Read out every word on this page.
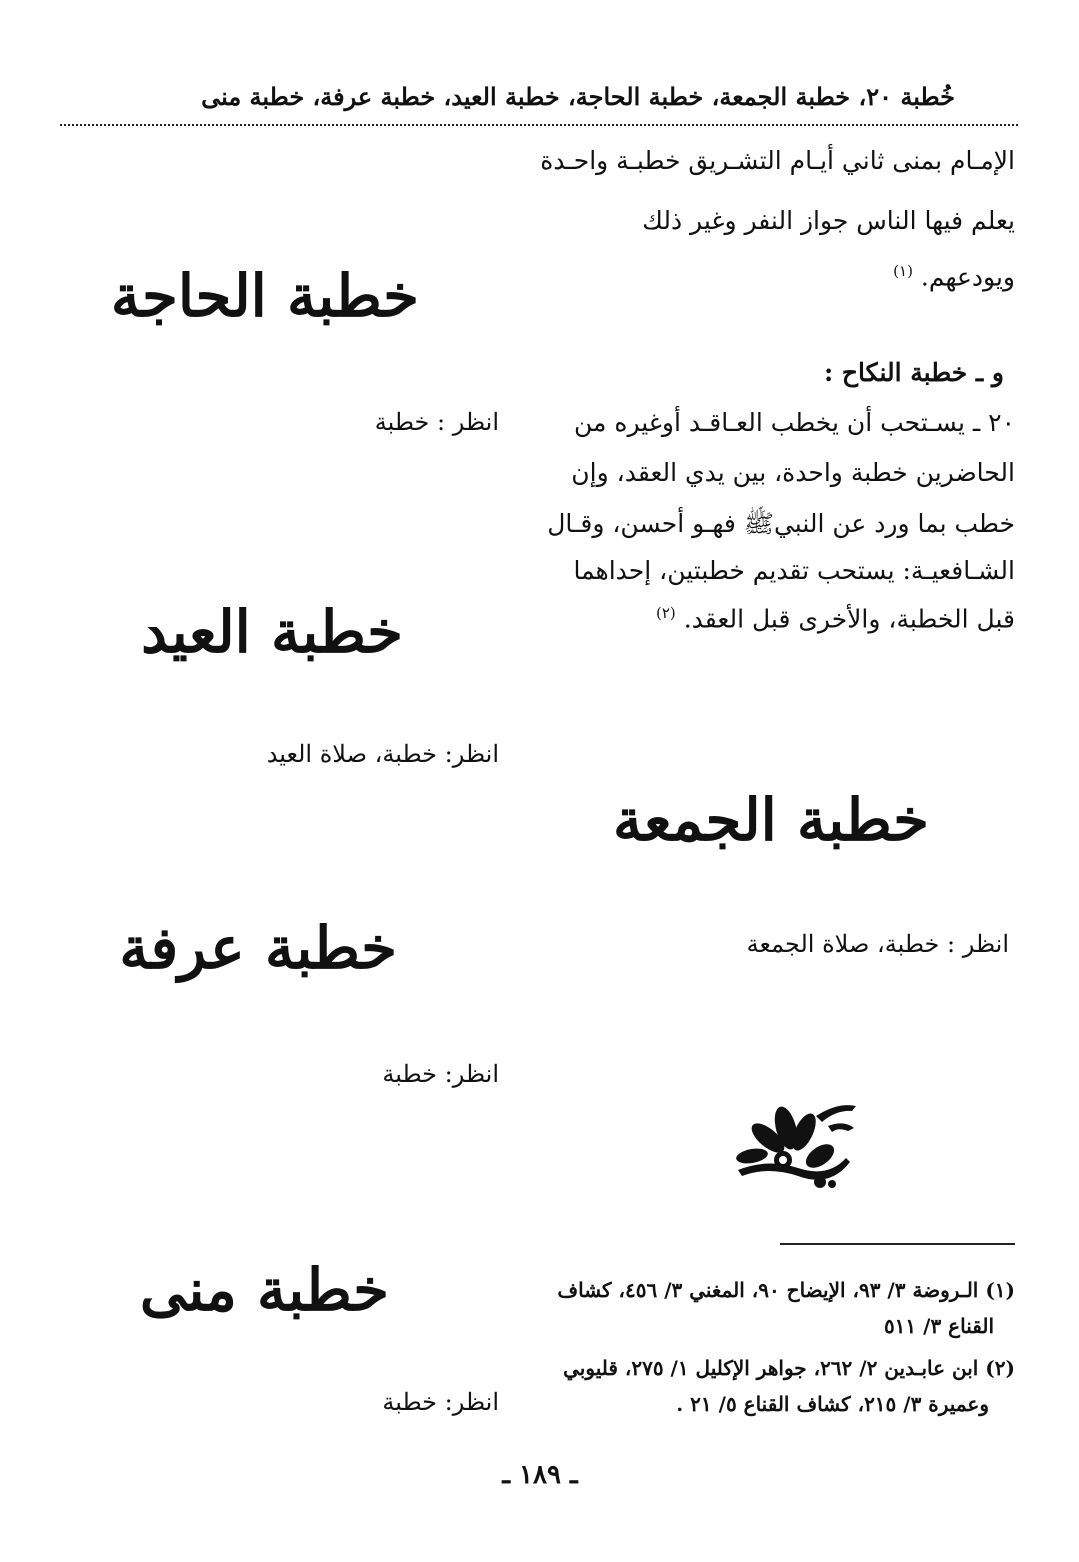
خُطبة ٢٠، خطبة الجمعة، خطبة الحاجة، خطبة العيد، خطبة عرفة، خطبة منى
الإمـام بمنى ثاني أيـام التشـريق خطبـة واحـدة
يعلم فيها الناس جواز النفر وغير ذلك
ويودعهم. $^{(١)}$
و ـ خطبة النكاح :
٢٠ ـ يسـتحب أن يخطب العـاقـد أوغيره من
الحاضرين خطبة واحدة، بين يدي العقد، وإن
خطب بما ورد عن النبيﷺ فهـو أحسن، وقـال
الشـافعيـة: يستحب تقديم خطبتين، إحداهما
قبل الخطبة، والأخرى قبل العقد. $^{(٢)}$
خطبة الحاجة
انظر : خطبة
خطبة العيد
انظر: خطبة، صلاة العيد
خطبة الجمعة
انظر : خطبة، صلاة الجمعة
خطبة عرفة
انظر: خطبة
(١) الـروضة ٣/ ٩٣، الإيضاح ٩٠، المغني ٣/ ٤٥٦، كشاف
القناع ٣/ ٥١١
(٢) ابن عابـدين ٢/ ٢٦٢، جواهر الإكليل ١/ ٢٧٥، قليوبي
وعميرة ٣/ ٢١٥، كشاف القناع ٥/ ٢١ .
خطبة منى
انظر: خطبة
ـ ١٨٩ ـ
